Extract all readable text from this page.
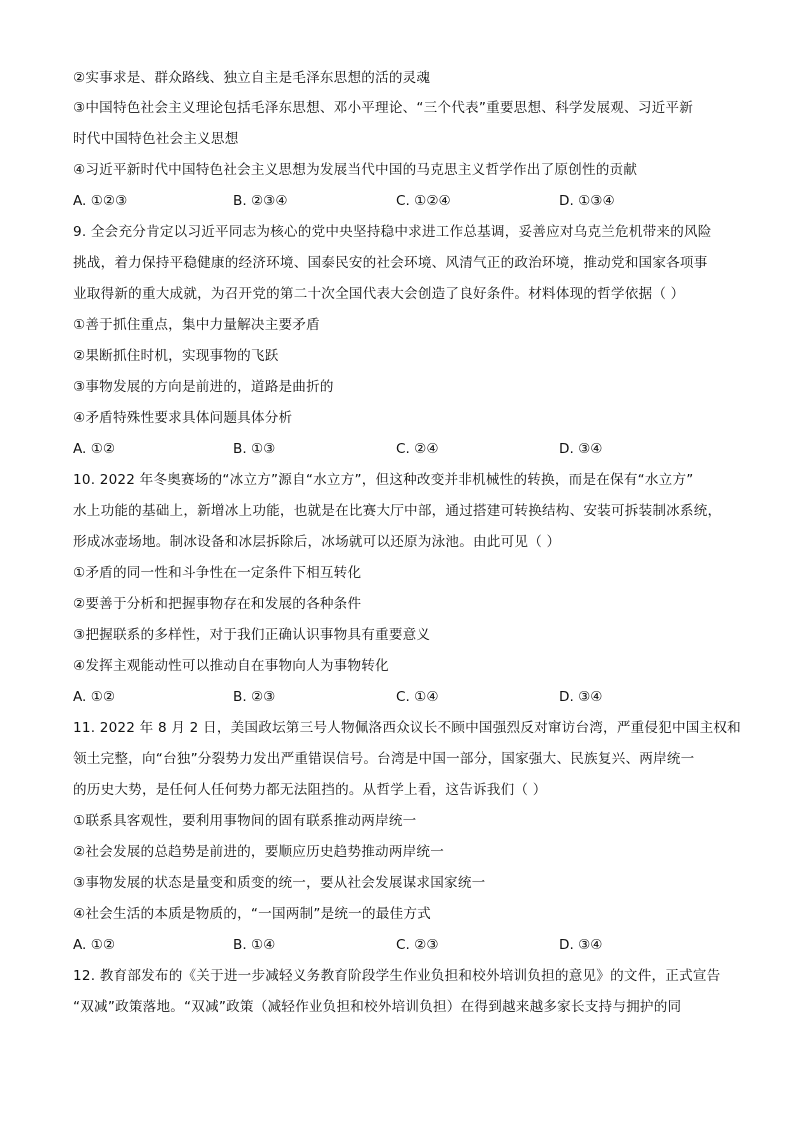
②实事求是、群众路线、独立自主是毛泽东思想的活的灵魂
③中国特色社会主义理论包括毛泽东思想、邓小平理论、“三个代表”重要思想、科学发展观、习近平新
时代中国特色社会主义思想
④习近平新时代中国特色社会主义思想为发展当代中国的马克思主义哲学作出了原创性的贡献
A. ①②③	B. ②③④	C. ①②④	D. ①③④
9. 全会充分肯定以习近平同志为核心的党中央坚持稳中求进工作总基调，妥善应对乌克兰危机带来的风险
挑战，着力保持平稳健康的经济环境、国泰民安的社会环境、风清气正的政治环境，推动党和国家各项事
业取得新的重大成就，为召开党的第二十次全国代表大会创造了良好条件。材料体现的哲学依据（ ）
①善于抓住重点，集中力量解决主要矛盾
②果断抓住时机，实现事物的飞跃
③事物发展的方向是前进的，道路是曲折的
④矛盾特殊性要求具体问题具体分析
A. ①②	B. ①③	C. ②④	D. ③④
10. 2022 年冬奥赛场的“冰立方”源自“水立方”，但这种改变并非机械性的转换，而是在保有“水立方”
水上功能的基础上，新增冰上功能，也就是在比赛大厅中部，通过搭建可转换结构、安装可拆装制冰系统，
形成冰壶场地。制冰设备和冰层拆除后，冰场就可以还原为泳池。由此可见（ ）
①矛盾的同一性和斗争性在一定条件下相互转化
②要善于分析和把握事物存在和发展的各种条件
③把握联系的多样性，对于我们正确认识事物具有重要意义
④发挥主观能动性可以推动自在事物向人为事物转化
A. ①②	B. ②③	C. ①④	D. ③④
11. 2022 年 8 月 2 日，美国政坛第三号人物佩洛西众议长不顾中国强烈反对窜访台湾，严重侵犯中国主权和
领土完整，向“台独”分裂势力发出严重错误信号。台湾是中国一部分，国家强大、民族复兴、两岸统一
的历史大势，是任何人任何势力都无法阻挡的。从哲学上看，这告诉我们（ ）
①联系具客观性，要利用事物间的固有联系推动两岸统一
②社会发展的总趋势是前进的，要顺应历史趋势推动两岸统一
③事物发展的状态是量变和质变的统一，要从社会发展谋求国家统一
④社会生活的本质是物质的，“一国两制”是统一的最佳方式
A. ①②	B. ①④	C. ②③	D. ③④
12. 教育部发布的《关于进一步减轻义务教育阶段学生作业负担和校外培训负担的意见》的文件，正式宣告
“双减”政策落地。“双减”政策（减轻作业负担和校外培训负担）在得到越来越多家长支持与拥护的同
